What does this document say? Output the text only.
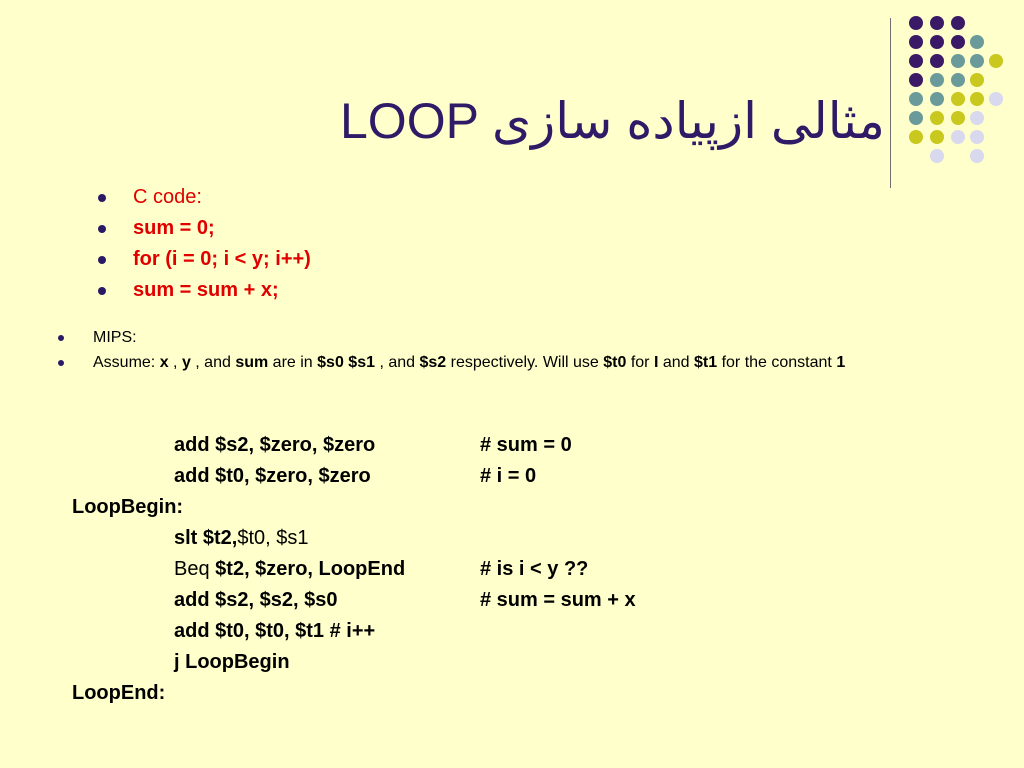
LOOP مثالی ازپیاده سازی
C code:
sum = 0;
for (i = 0; i < y; i++)
sum = sum + x;
MIPS:
Assume: x , y , and sum are in $s0 $s1 , and $s2 respectively. Will use $t0 for I and $t1 for the constant 1
add $s2, $zero, $zero	# sum = 0
add $t0, $zero, $zero	# i = 0
LoopBegin:
slt $t2,$t0, $s1
Beq $t2, $zero, LoopEnd	# is i < y ??
add $s2, $s2, $s0	# sum = sum + x
add $t0, $t0, $t1 # i++
j LoopBegin
LoopEnd:
